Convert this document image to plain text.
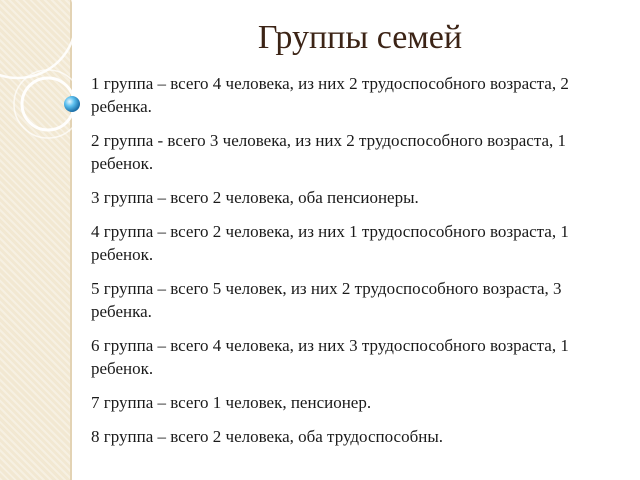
Группы семей
1 группа – всего 4 человека, из них 2 трудоспособного возраста, 2 ребенка.
2 группа - всего 3 человека, из них 2 трудоспособного возраста, 1 ребенок.
3 группа – всего 2 человека, оба пенсионеры.
4 группа – всего 2 человека, из них 1 трудоспособного возраста, 1 ребенок.
5 группа – всего 5 человек, из них 2 трудоспособного возраста, 3 ребенка.
6 группа – всего 4 человека, из них 3 трудоспособного возраста, 1 ребенок.
7 группа – всего 1 человек, пенсионер.
8 группа – всего 2 человека, оба трудоспособны.
